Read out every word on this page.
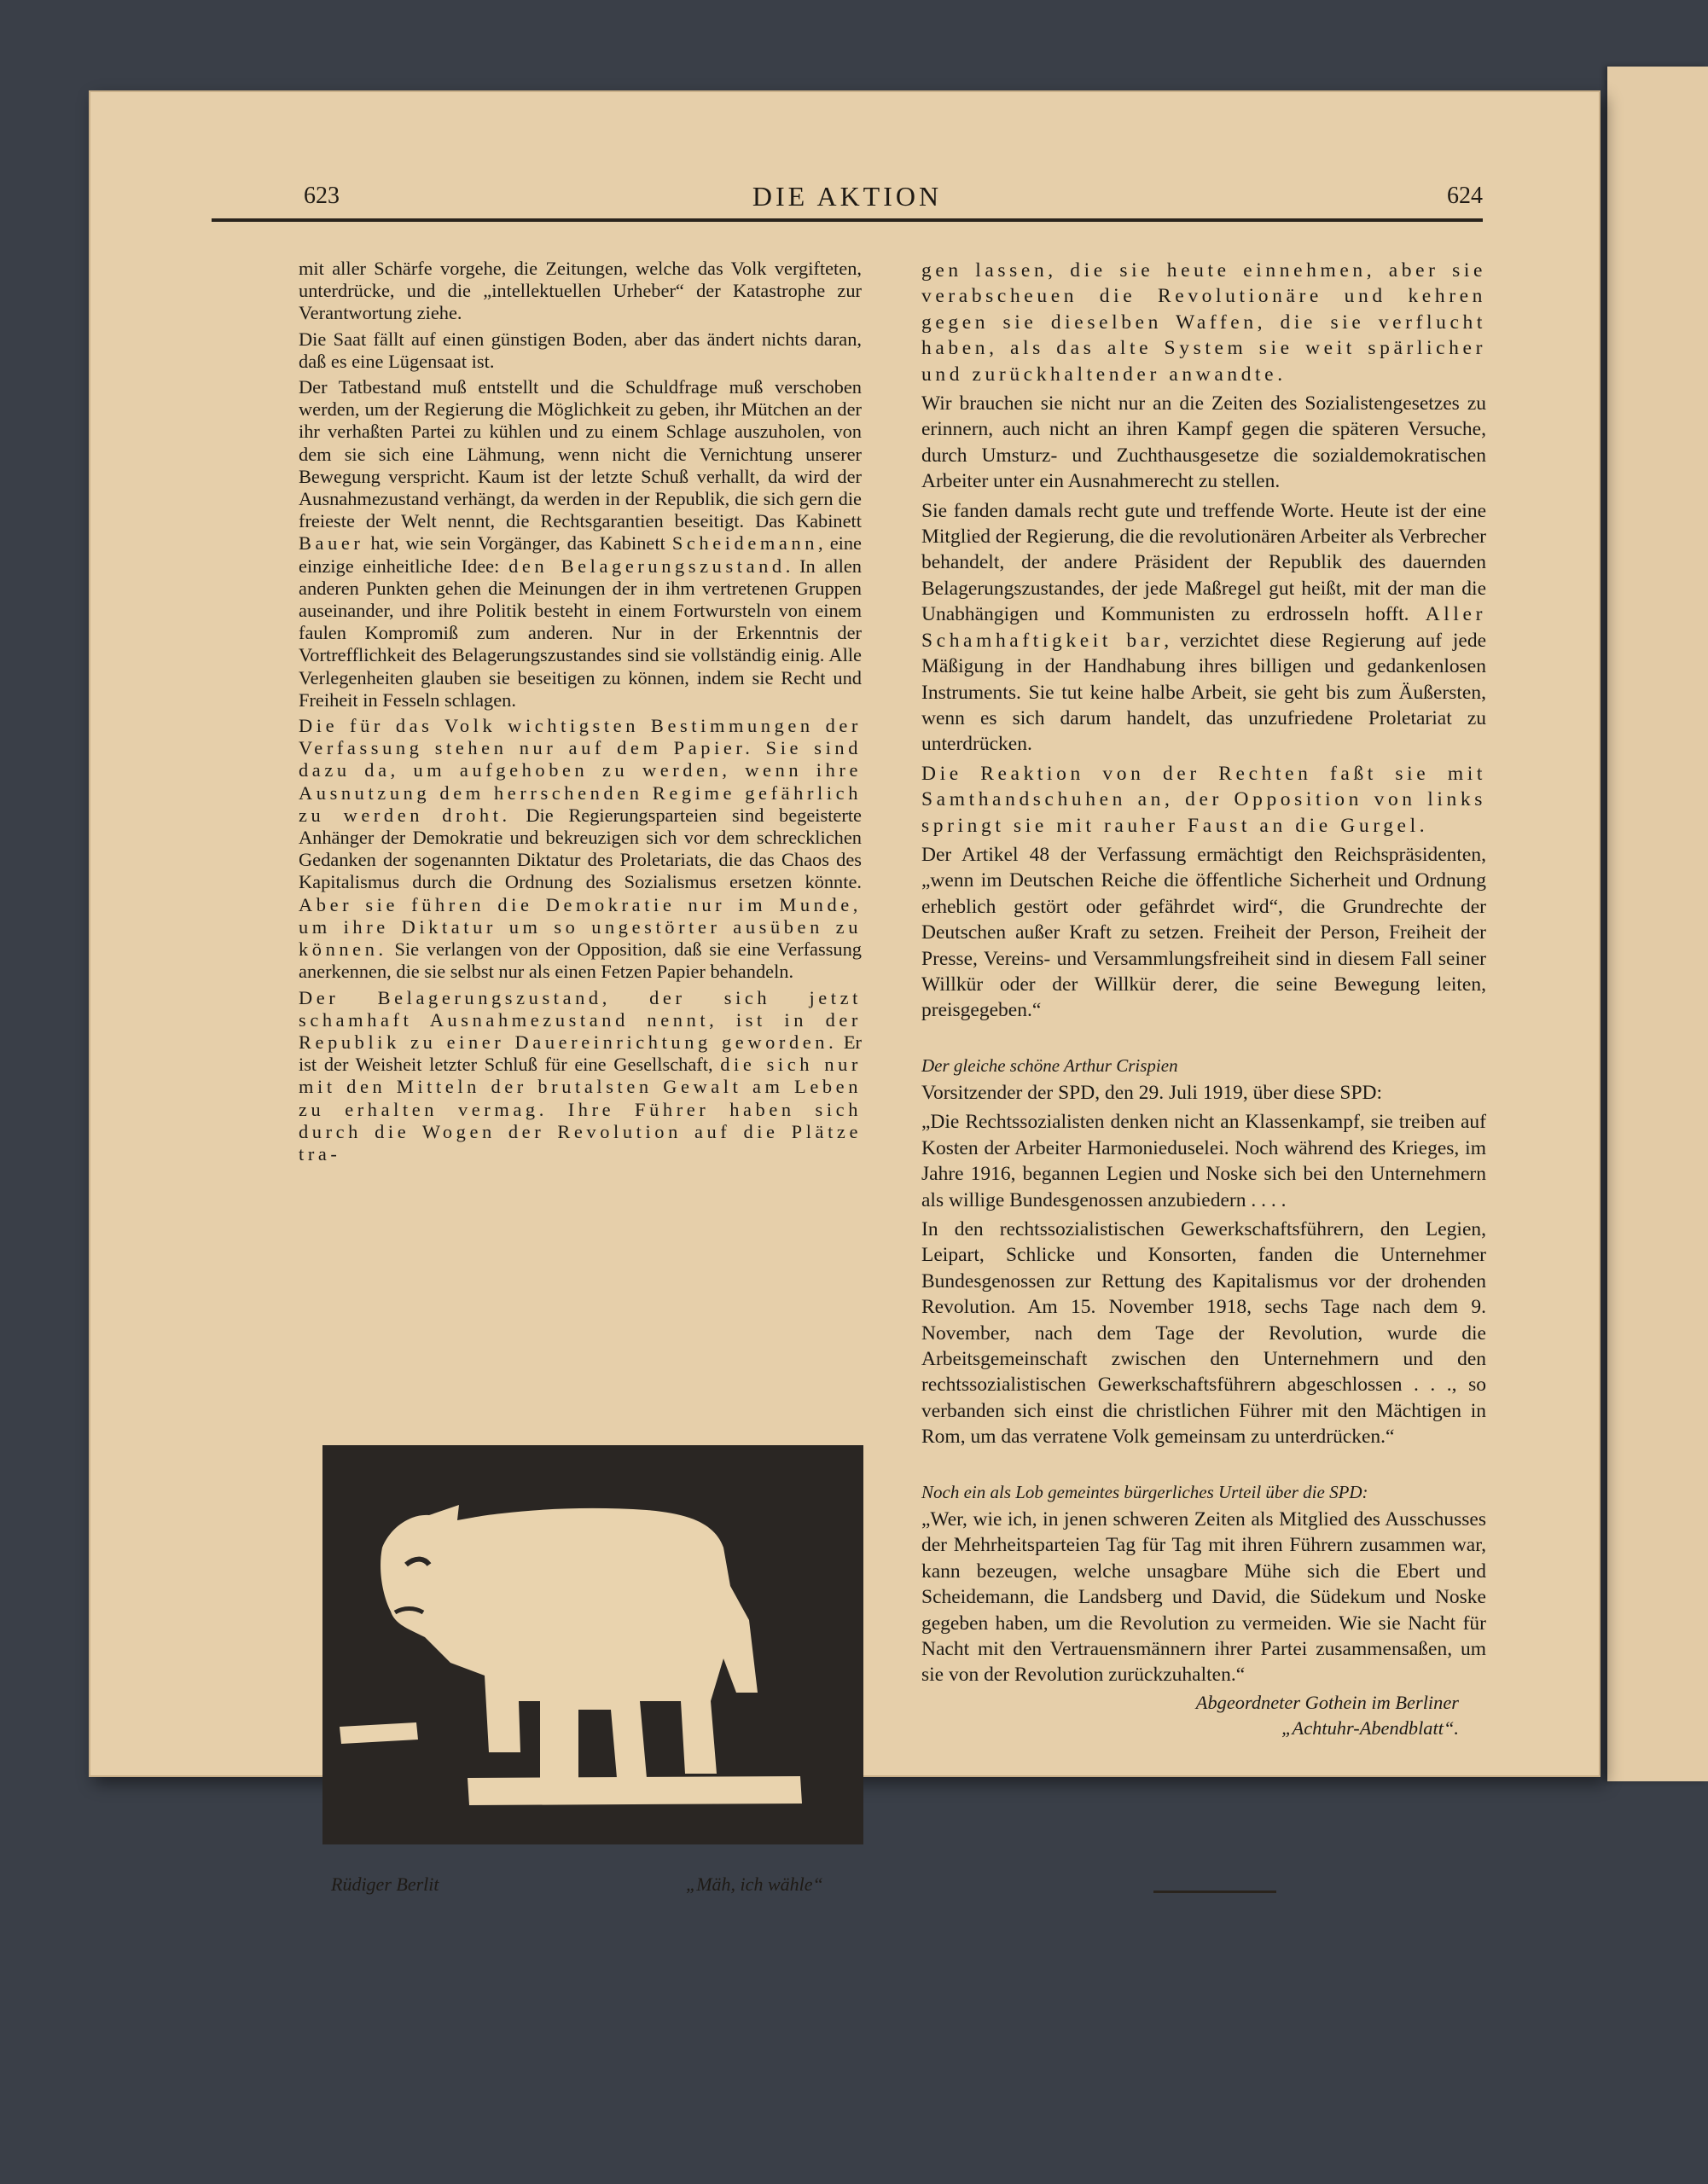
623	DIE AKTION	624

mit aller Schärfe vorgehe, die Zeitungen, welche das Volk vergifteten, unterdrücke, und die „intellektuellen Urheber“ der Katastrophe zur Verantwortung ziehe.

Die Saat fällt auf einen günstigen Boden, aber das ändert nichts daran, daß es eine Lügensaat ist.

Der Tatbestand muß entstellt und die Schuldfrage muß verschoben werden, um der Regierung die Möglichkeit zu geben, ihr Mütchen an der ihr verhaßten Partei zu kühlen und zu einem Schlage auszuholen, von dem sie sich eine Lähmung, wenn nicht die Vernichtung unserer Bewegung verspricht. Kaum ist der letzte Schuß verhallt, da wird der Ausnahmezustand verhängt, da werden in der Republik, die sich gern die freieste der Welt nennt, die Rechtsgarantien beseitigt. Das Kabinett Bauer hat, wie sein Vorgänger, das Kabinett Scheidemann, eine einzige einheitliche Idee: den Belagerungszustand. In allen anderen Punkten gehen die Meinungen der in ihm vertretenen Gruppen auseinander, und ihre Politik besteht in einem Fortwursteln von einem faulen Kompromiß zum anderen. Nur in der Erkenntnis der Vortrefflichkeit des Belagerungszustandes sind sie vollständig einig. Alle Verlegenheiten glauben sie beseitigen zu können, indem sie Recht und Freiheit in Fesseln schlagen.

Die für das Volk wichtigsten Bestimmungen der Verfassung stehen nur auf dem Papier. Sie sind dazu da, um aufgehoben zu werden, wenn ihre Ausnutzung dem herrschenden Regime gefährlich zu werden droht. Die Regierungsparteien sind begeisterte Anhänger der Demokratie und bekreuzigen sich vor dem schrecklichen Gedanken der sogenannten Diktatur des Proletariats, die das Chaos des Kapitalismus durch die Ordnung des Sozialismus ersetzen könnte. Aber sie führen die Demokratie nur im Munde, um ihre Diktatur um so ungestörter ausüben zu können. Sie verlangen von der Opposition, daß sie eine Verfassung anerkennen, die sie selbst nur als einen Fetzen Papier behandeln.

Der Belagerungszustand, der sich jetzt schamhaft Ausnahmezustand nennt, ist in der Republik zu einer Dauereinrichtung geworden. Er ist der Weisheit letzter Schluß für eine Gesellschaft, die sich nur mit den Mitteln der brutalsten Gewalt am Leben zu erhalten vermag. Ihre Führer haben sich durch die Wogen der Revolution auf die Plätze tra-

gen lassen, die sie heute einnehmen, aber sie verabscheuen die Revolutionäre und kehren gegen sie dieselben Waffen, die sie verflucht haben, als das alte System sie weit spärlicher und zurückhaltender anwandte.

Wir brauchen sie nicht nur an die Zeiten des Sozialistengesetzes zu erinnern, auch nicht an ihren Kampf gegen die späteren Versuche, durch Umsturz- und Zuchthausgesetze die sozialdemokratischen Arbeiter unter ein Ausnahmerecht zu stellen.

Sie fanden damals recht gute und treffende Worte. Heute ist der eine Mitglied der Regierung, die die revolutionären Arbeiter als Verbrecher behandelt, der andere Präsident der Republik des dauernden Belagerungszustandes, der jede Maßregel gut heißt, mit der man die Unabhängigen und Kommunisten zu erdrosseln hofft. Aller Schamhaftigkeit bar, verzichtet diese Regierung auf jede Mäßigung in der Handhabung ihres billigen und gedankenlosen Instruments. Sie tut keine halbe Arbeit, sie geht bis zum Äußersten, wenn es sich darum handelt, das unzufriedene Proletariat zu unterdrücken.

Die Reaktion von der Rechten faßt sie mit Samthandschuhen an, der Opposition von links springt sie mit rauher Faust an die Gurgel.

Der Artikel 48 der Verfassung ermächtigt den Reichspräsidenten, „wenn im Deutschen Reiche die öffentliche Sicherheit und Ordnung erheblich gestört oder gefährdet wird“, die Grundrechte der Deutschen außer Kraft zu setzen. Freiheit der Person, Freiheit der Presse, Vereins- und Versammlungsfreiheit sind in diesem Fall seiner Willkür oder der Willkür derer, die seine Bewegung leiten, preisgegeben.“

Der gleiche schöne Arthur Crispien

Vorsitzender der SPD, den 29. Juli 1919, über diese SPD:

„Die Rechtssozialisten denken nicht an Klassenkampf, sie treiben auf Kosten der Arbeiter Harmonieduselei. Noch während des Krieges, im Jahre 1916, begannen Legien und Noske sich bei den Unternehmern als willige Bundesgenossen anzubiedern . . . .

In den rechtssozialistischen Gewerkschaftsführern, den Legien, Leipart, Schlicke und Konsorten, fanden die Unternehmer Bundesgenossen zur Rettung des Kapitalismus vor der drohenden Revolution. Am 15. November 1918, sechs Tage nach dem 9. November, nach dem Tage der Revolution, wurde die Arbeitsgemeinschaft zwischen den Unternehmern und den rechtssozialistischen Gewerkschaftsführern abgeschlossen . . ., so verbanden sich einst die christlichen Führer mit den Mächtigen in Rom, um das verratene Volk gemeinsam zu unterdrücken.“

Noch ein als Lob gemeintes bürgerliches Urteil über die SPD:

„Wer, wie ich, in jenen schweren Zeiten als Mitglied des Ausschusses der Mehrheitsparteien Tag für Tag mit ihren Führern zusammen war, kann bezeugen, welche unsagbare Mühe sich die Ebert und Scheidemann, die Landsberg und David, die Südekum und Noske gegeben haben, um die Revolution zu vermeiden. Wie sie Nacht für Nacht mit den Vertrauensmännern ihrer Partei zusammensaßen, um sie von der Revolution zurückzuhalten.“

Abgeordneter Gothein im Berliner

„Achtuhr-Abendblatt“.

Rüdiger Berlit	„Mäh, ich wähle“
